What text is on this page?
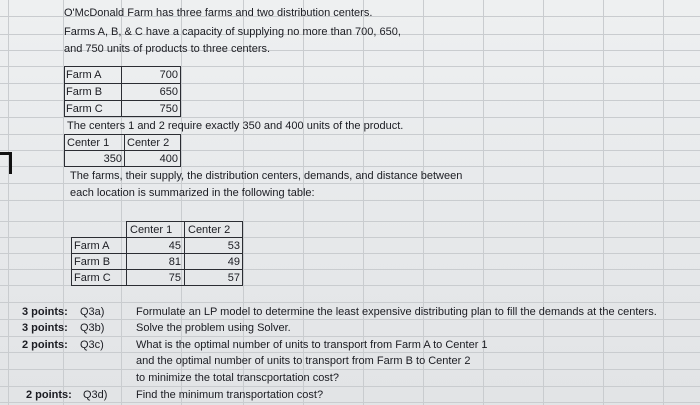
O'McDonald Farm has three farms and two distribution centers.
Farms A, B, & C have a capacity of supplying no more than 700, 650,
and 750 units of products to three centers.
Farm A	700
Farm B	650
Farm C	750
The centers 1 and 2 require exactly 350 and 400 units of the product.
Center 1 Center 2
350	400
The farms, their supply, the distribution centers, demands, and distance between
each location is summarized in the following table:
Center 1 Center 2
Farm A	45	53
Farm B	81	49
Farm C	75	57
3 points: Q3a)	Formulate an LP model to determine the least expensive distributing plan to fill the demands at the centers.
3 points: Q3b)	Solve the problem using Solver.
2 points: Q3c)	What is the optimal number of units to transport from Farm A to Center 1
and the optimal number of units to transport from Farm B to Center 2
to minimize the total transcportation cost?
2 points: Q3d)	Find the minimum transportation cost?
